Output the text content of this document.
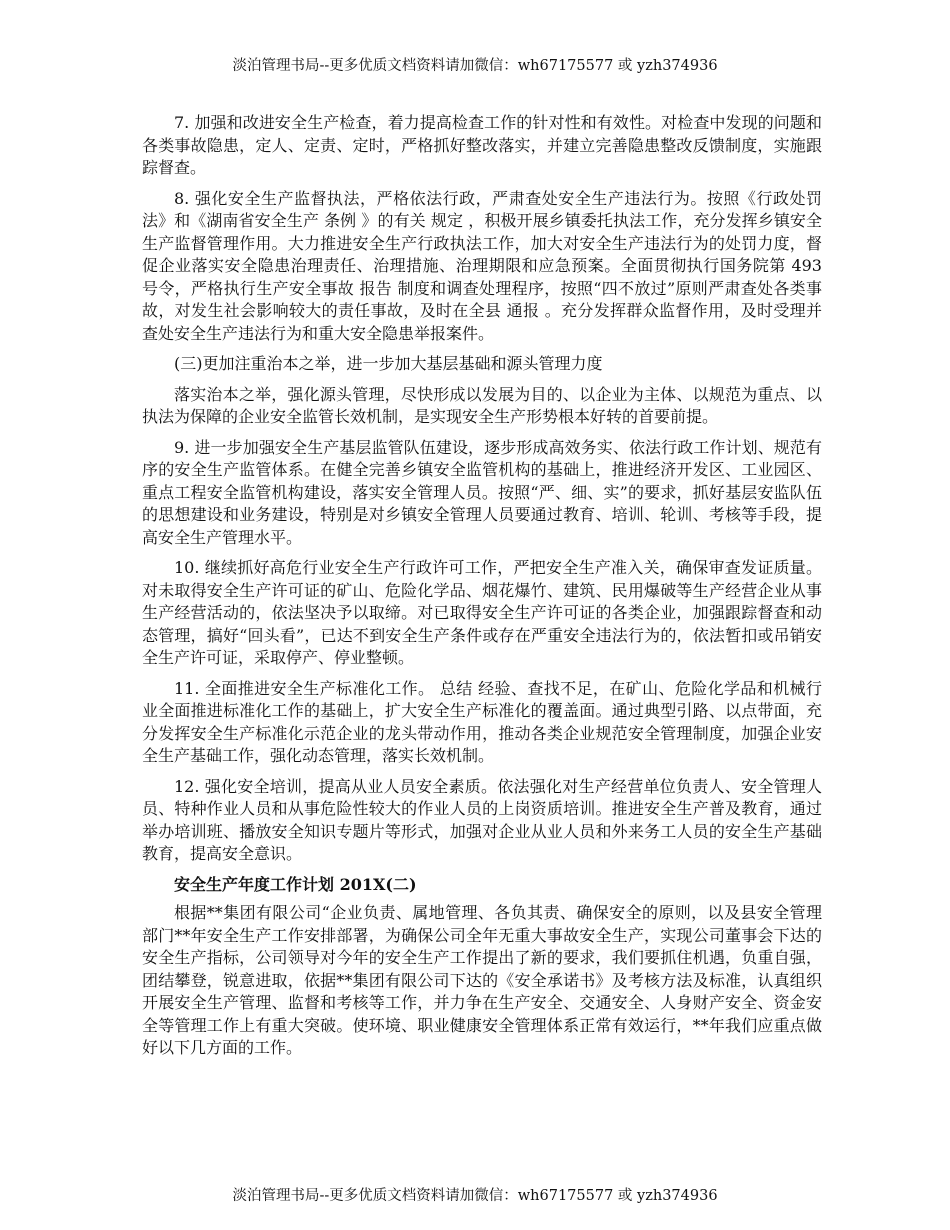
淡泊管理书局--更多优质文档资料请加微信：wh67175577 或 yzh374936

7. 加强和改进安全生产检查，着力提高检查工作的针对性和有效性。对检查中发现的问题和各类事故隐患，定人、定责、定时，严格抓好整改落实，并建立完善隐患整改反馈制度，实施跟踪督查。

8. 强化安全生产监督执法，严格依法行政，严肃查处安全生产违法行为。按照《行政处罚法》和《湖南省安全生产 条例 》的有关 规定 ，积极开展乡镇委托执法工作，充分发挥乡镇安全生产监督管理作用。大力推进安全生产行政执法工作，加大对安全生产违法行为的处罚力度，督促企业落实安全隐患治理责任、治理措施、治理期限和应急预案。全面贯彻执行国务院第 493 号令，严格执行生产安全事故 报告 制度和调查处理程序，按照“四不放过”原则严肃查处各类事故，对发生社会影响较大的责任事故，及时在全县 通报 。充分发挥群众监督作用，及时受理并查处安全生产违法行为和重大安全隐患举报案件。

(三)更加注重治本之举，进一步加大基层基础和源头管理力度

落实治本之举，强化源头管理，尽快形成以发展为目的、以企业为主体、以规范为重点、以执法为保障的企业安全监管长效机制，是实现安全生产形势根本好转的首要前提。

9. 进一步加强安全生产基层监管队伍建设，逐步形成高效务实、依法行政工作计划、规范有序的安全生产监管体系。在健全完善乡镇安全监管机构的基础上，推进经济开发区、工业园区、重点工程安全监管机构建设，落实安全管理人员。按照“严、细、实”的要求，抓好基层安监队伍的思想建设和业务建设，特别是对乡镇安全管理人员要通过教育、培训、轮训、考核等手段，提高安全生产管理水平。

10. 继续抓好高危行业安全生产行政许可工作，严把安全生产准入关，确保审查发证质量。对未取得安全生产许可证的矿山、危险化学品、烟花爆竹、建筑、民用爆破等生产经营企业从事生产经营活动的，依法坚决予以取缔。对已取得安全生产许可证的各类企业，加强跟踪督查和动态管理，搞好“回头看”，已达不到安全生产条件或存在严重安全违法行为的，依法暂扣或吊销安全生产许可证，采取停产、停业整顿。

11. 全面推进安全生产标准化工作。 总结 经验、查找不足，在矿山、危险化学品和机械行业全面推进标准化工作的基础上，扩大安全生产标准化的覆盖面。通过典型引路、以点带面，充分发挥安全生产标准化示范企业的龙头带动作用，推动各类企业规范安全管理制度，加强企业安全生产基础工作，强化动态管理，落实长效机制。

12. 强化安全培训，提高从业人员安全素质。依法强化对生产经营单位负责人、安全管理人员、特种作业人员和从事危险性较大的作业人员的上岗资质培训。推进安全生产普及教育，通过举办培训班、播放安全知识专题片等形式，加强对企业从业人员和外来务工人员的安全生产基础教育，提高安全意识。

安全生产年度工作计划 201X(二)

根据**集团有限公司“企业负责、属地管理、各负其责、确保安全的原则，以及县安全管理部门**年安全生产工作安排部署，为确保公司全年无重大事故安全生产，实现公司董事会下达的安全生产指标，公司领导对今年的安全生产工作提出了新的要求，我们要抓住机遇，负重自强，团结攀登，锐意进取，依据**集团有限公司下达的《安全承诺书》及考核方法及标准，认真组织开展安全生产管理、监督和考核等工作，并力争在生产安全、交通安全、人身财产安全、资金安全等管理工作上有重大突破。使环境、职业健康安全管理体系正常有效运行，**年我们应重点做好以下几方面的工作。

淡泊管理书局--更多优质文档资料请加微信：wh67175577 或 yzh374936
